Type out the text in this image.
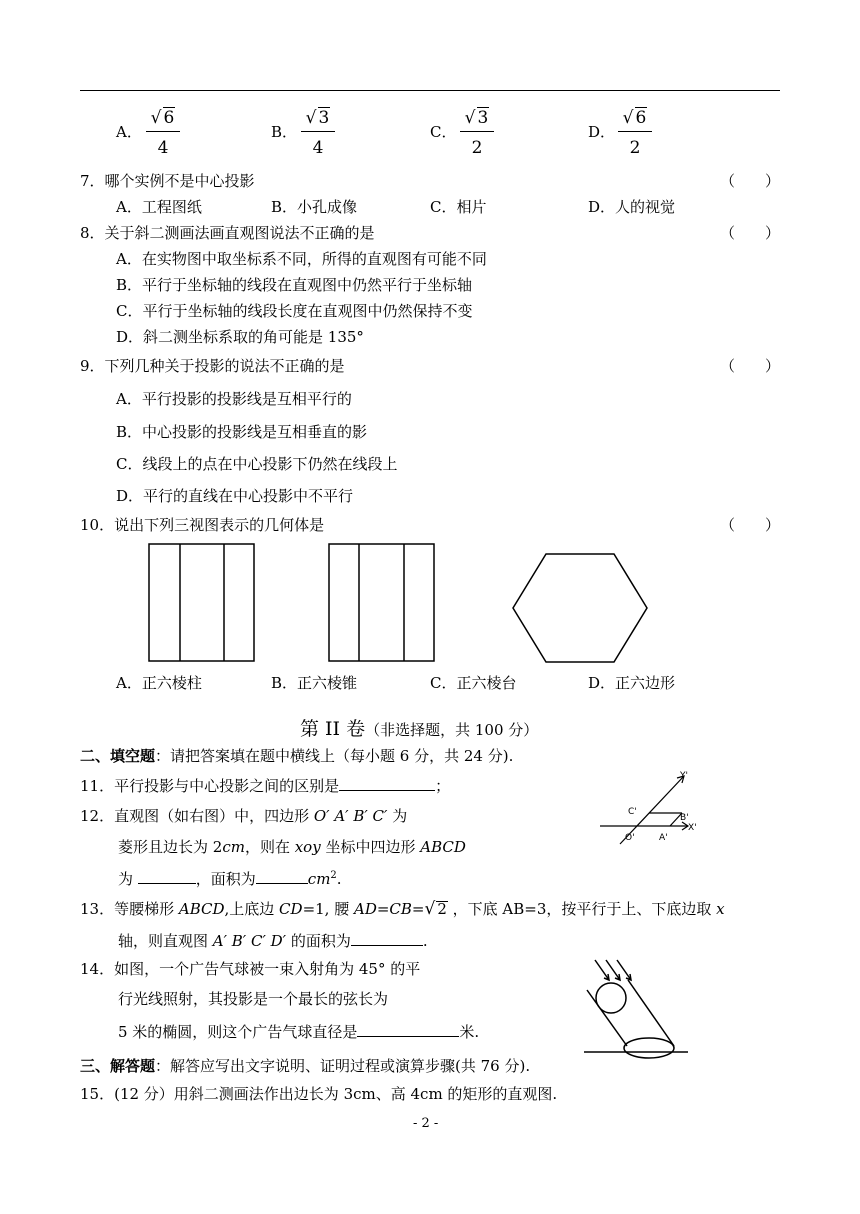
A．
√ 6
4
B．
√ 3
4
C．
√ 3
2
D．
√ 6
2
7．哪个实例不是中心投影	（　　）
A．工程图纸	B．小孔成像	C．相片	D．人的视觉
8．关于斜二测画法画直观图说法不正确的是	（　　）
A．在实物图中取坐标系不同，所得的直观图有可能不同
B．平行于坐标轴的线段在直观图中仍然平行于坐标轴
C．平行于坐标轴的线段长度在直观图中仍然保持不变
D．斜二测坐标系取的角可能是 135°
9．下列几种关于投影的说法不正确的是	（　　）
A．平行投影的投影线是互相平行的
B．中心投影的投影线是互相垂直的影
C．线段上的点在中心投影下仍然在线段上
D．平行的直线在中心投影中不平行
10．说出下列三视图表示的几何体是	（　　）
A．正六棱柱	B．正六棱锥	C．正六棱台	D．正六边形
第 II 卷（非选择题，共 100 分）
二、填空题：请把答案填在题中横线上（每小题 6 分，共 24 分).
11．平行投影与中心投影之间的区别是	；
12．直观图（如右图）中，四边形 O′ A′ B′ C′ 为
菱形且边长为 2cm，则在 xoy 坐标中四边形 ABCD
为	，面积为	$cm^2$.
Y'
C'
B'
O'	A'
X'
13．等腰梯形 ABCD,上底边 CD=1, 腰 AD=CB=√ 2 ，下底 AB=3，按平行于上、下底边取 x
轴，则直观图 A′ B′ C′ D′ 的面积为	.
14．如图，一个广告气球被一束入射角为 45° 的平
行光线照射，其投影是一个最长的弦长为
5 米的椭圆，则这个广告气球直径是	米.
三、解答题：解答应写出文字说明、证明过程或演算步骤(共 76 分).
15．(12 分）用斜二测画法作出边长为 3cm、高 4cm 的矩形的直观图.
- 2 -
